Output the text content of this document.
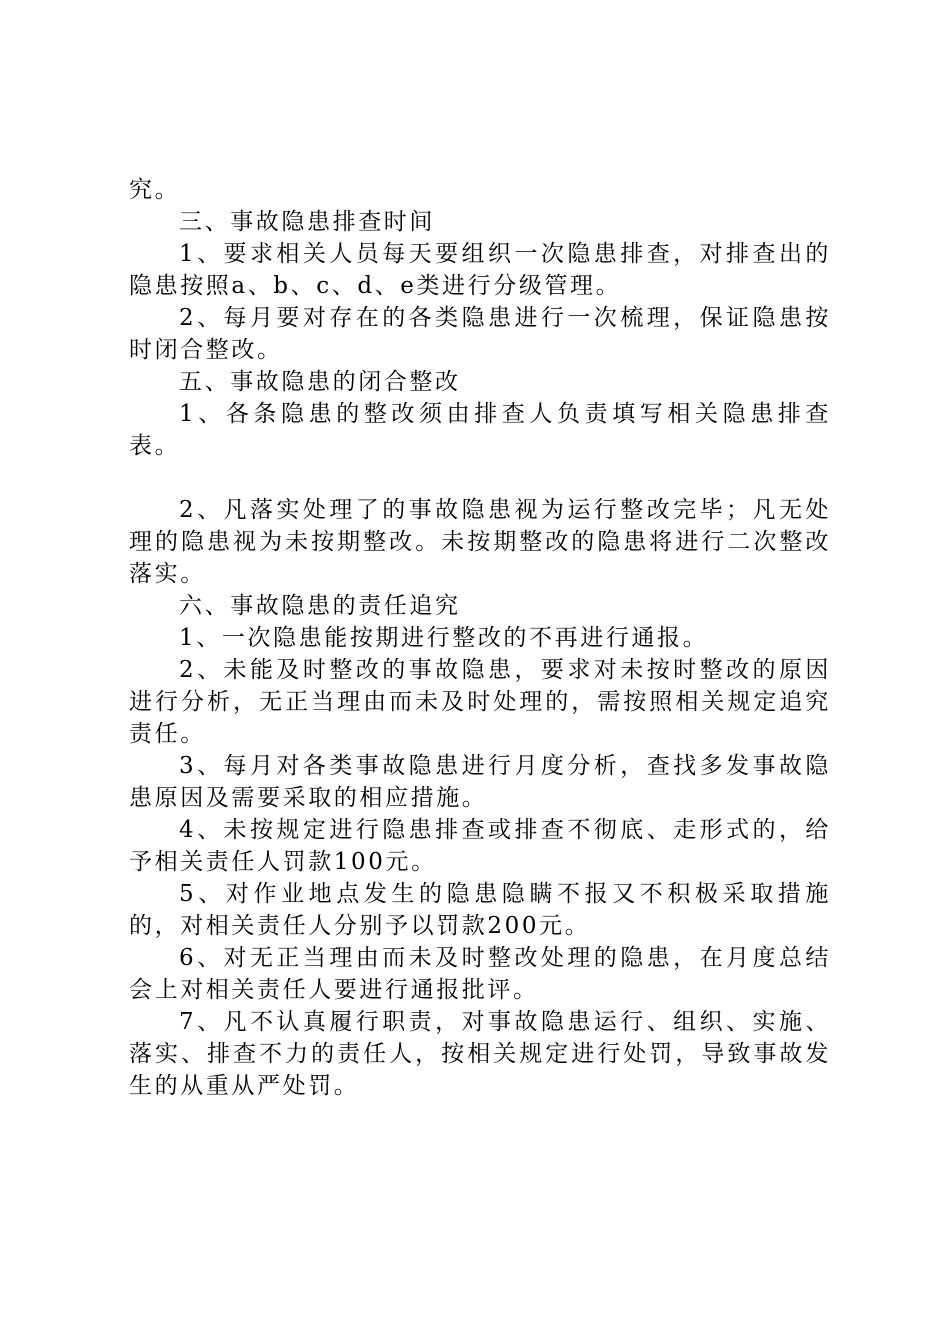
究。

三、事故隐患排查时间

1、要求相关人员每天要组织一次隐患排查，对排查出的隐患按照a、b、c、d、e类进行分级管理。

2、每月要对存在的各类隐患进行一次梳理，保证隐患按时闭合整改。

五、事故隐患的闭合整改

1、各条隐患的整改须由排查人负责填写相关隐患排查表。

2、凡落实处理了的事故隐患视为运行整改完毕；凡无处理的隐患视为未按期整改。未按期整改的隐患将进行二次整改落实。

六、事故隐患的责任追究

1、一次隐患能按期进行整改的不再进行通报。

2、未能及时整改的事故隐患，要求对未按时整改的原因进行分析，无正当理由而未及时处理的，需按照相关规定追究责任。

3、每月对各类事故隐患进行月度分析，查找多发事故隐患原因及需要采取的相应措施。

4、未按规定进行隐患排查或排查不彻底、走形式的，给予相关责任人罚款100元。

5、对作业地点发生的隐患隐瞒不报又不积极采取措施的，对相关责任人分别予以罚款200元。

6、对无正当理由而未及时整改处理的隐患，在月度总结会上对相关责任人要进行通报批评。

7、凡不认真履行职责，对事故隐患运行、组织、实施、落实、排查不力的责任人，按相关规定进行处罚，导致事故发生的从重从严处罚。
